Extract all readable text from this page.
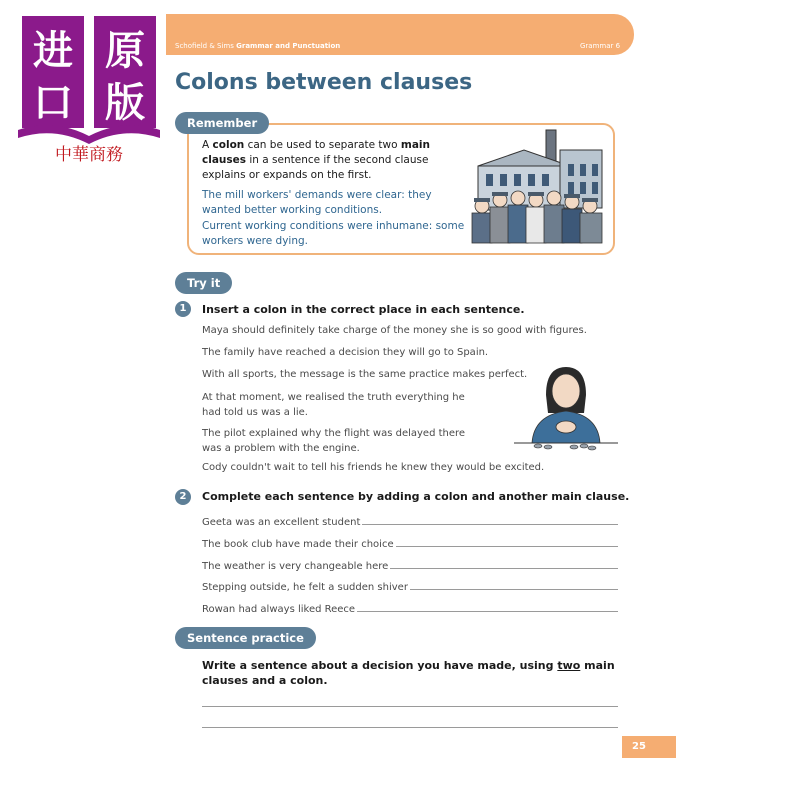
进 原
口 版
中華商務
Schofield & Sims Grammar and Punctuation	Grammar 6
Colons between clauses
Remember
A colon can be used to separate two main clauses in a sentence if the second clause explains or expands on the first.
The mill workers' demands were clear: they wanted better working conditions.
Current working conditions were inhumane: some workers were dying.
Try it
1	Insert a colon in the correct place in each sentence.
Maya should definitely take charge of the money she is so good with figures.
The family have reached a decision they will go to Spain.
With all sports, the message is the same practice makes perfect.
At that moment, we realised the truth everything he had told us was a lie.
The pilot explained why the flight was delayed there was a problem with the engine.
Cody couldn't wait to tell his friends he knew they would be excited.
2	Complete each sentence by adding a colon and another main clause.
Geeta was an excellent student
The book club have made their choice
The weather is very changeable here
Stepping outside, he felt a sudden shiver
Rowan had always liked Reece
Sentence practice
Write a sentence about a decision you have made, using two main clauses and a colon.
25
